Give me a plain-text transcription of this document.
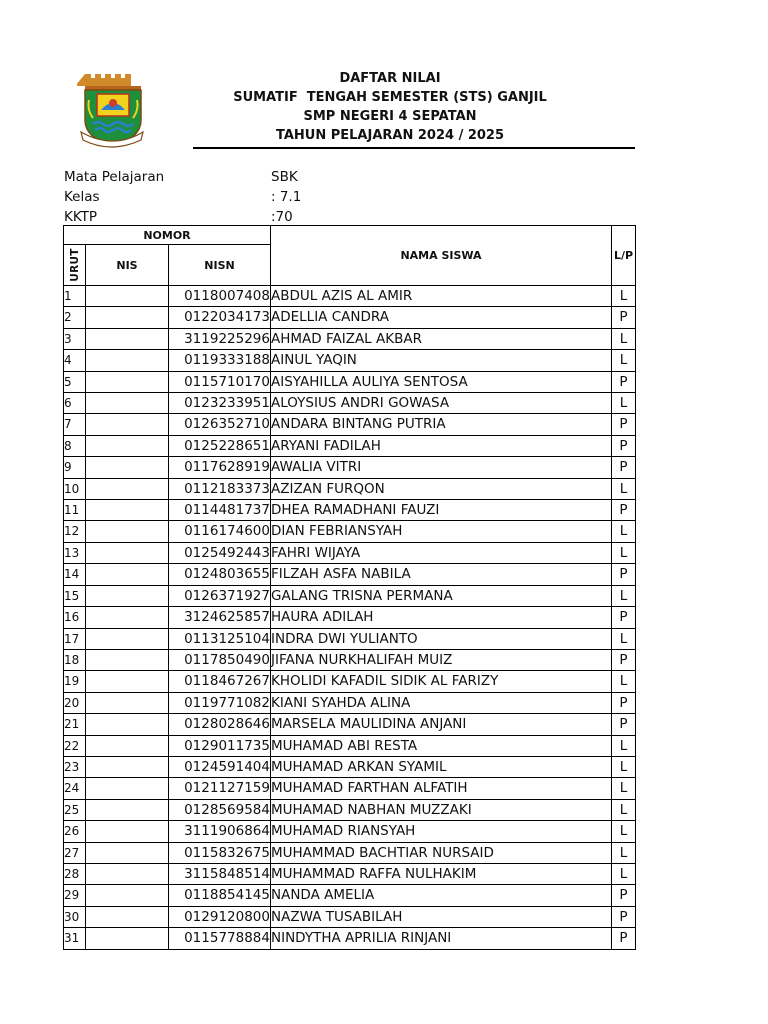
DAFTAR NILAI
SUMATIF  TENGAH SEMESTER (STS) GANJIL
SMP NEGERI 4 SEPATAN
TAHUN PELAJARAN 2024 / 2025
Mata Pelajaran	SBK
Kelas	: 7.1
KKTP	:70
NOMOR			NAMA SISWA	L/P

URUT	NIS	NISN		
1		0118007408	ABDUL AZIS AL AMIR	L
2		0122034173	ADELLIA CANDRA	P
3		3119225296	AHMAD FAIZAL AKBAR	L
4		0119333188	AINUL YAQIN	L
5		0115710170	AISYAHILLA AULIYA SENTOSA	P
6		0123233951	ALOYSIUS ANDRI GOWASA	L
7		0126352710	ANDARA BINTANG PUTRIA	P
8		0125228651	ARYANI FADILAH	P
9		0117628919	AWALIA VITRI	P
10		0112183373	AZIZAN FURQON	L
11		0114481737	DHEA RAMADHANI FAUZI	P
12		0116174600	DIAN FEBRIANSYAH	L
13		0125492443	FAHRI WIJAYA	L
14		0124803655	FILZAH ASFA NABILA	P
15		0126371927	GALANG TRISNA PERMANA	L
16		3124625857	HAURA ADILAH	P
17		0113125104	INDRA DWI YULIANTO	L
18		0117850490	JIFANA NURKHALIFAH MUIZ	P
19		0118467267	KHOLIDI KAFADIL SIDIK AL FARIZY	L
20		0119771082	KIANI SYAHDA ALINA	P
21		0128028646	MARSELA MAULIDINA ANJANI	P
22		0129011735	MUHAMAD ABI RESTA	L
23		0124591404	MUHAMAD ARKAN SYAMIL	L
24		0121127159	MUHAMAD FARTHAN ALFATIH	L
25		0128569584	MUHAMAD NABHAN MUZZAKI	L
26		3111906864	MUHAMAD RIANSYAH	L
27		0115832675	MUHAMMAD BACHTIAR NURSAID	L
28		3115848514	MUHAMMAD RAFFA NULHAKIM	L
29		0118854145	NANDA AMELIA	P
30		0129120800	NAZWA TUSABILAH	P
31		0115778884	NINDYTHA APRILIA RINJANI	P
